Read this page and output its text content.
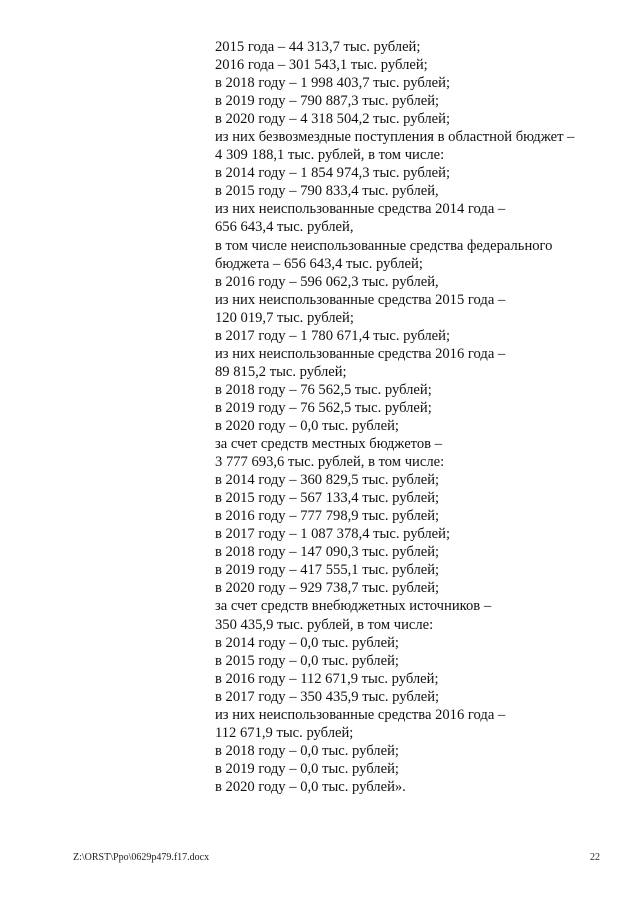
2015 года – 44 313,7 тыс. рублей;

2016 года – 301 543,1 тыс. рублей;

в 2018 году – 1 998 403,7 тыс. рублей;

в 2019 году – 790 887,3 тыс. рублей;

в 2020 году – 4 318 504,2 тыс. рублей;

из них безвозмездные поступления в областной бюджет –

4 309 188,1 тыс. рублей, в том числе:

в 2014 году – 1 854 974,3 тыс. рублей;

в 2015 году – 790 833,4 тыс. рублей,

из них неиспользованные средства 2014 года –

656 643,4 тыс. рублей,

в том числе неиспользованные средства федерального

бюджета – 656 643,4 тыс. рублей;

в 2016 году – 596 062,3 тыс. рублей,

из них неиспользованные средства 2015 года –

120 019,7 тыс. рублей;

в 2017 году – 1 780 671,4 тыс. рублей;

из них неиспользованные средства 2016 года –

89 815,2 тыс. рублей;

в 2018 году – 76 562,5 тыс. рублей;

в 2019 году – 76 562,5 тыс. рублей;

в 2020 году – 0,0 тыс. рублей;

за счет средств местных бюджетов –

3 777 693,6 тыс. рублей, в том числе:

в 2014 году – 360 829,5 тыс. рублей;

в 2015 году – 567 133,4 тыс. рублей;

в 2016 году – 777 798,9 тыс. рублей;

в 2017 году – 1 087 378,4 тыс. рублей;

в 2018 году – 147 090,3 тыс. рублей;

в 2019 году – 417 555,1 тыс. рублей;

в 2020 году – 929 738,7 тыс. рублей;

за счет средств внебюджетных источников –

350 435,9 тыс. рублей, в том числе:

в 2014 году – 0,0 тыс. рублей;

в 2015 году – 0,0 тыс. рублей;

в 2016 году – 112 671,9 тыс. рублей;

в 2017 году – 350 435,9 тыс. рублей;

из них неиспользованные средства 2016 года –

112 671,9 тыс. рублей;

в 2018 году – 0,0 тыс. рублей;

в 2019 году – 0,0 тыс. рублей;

в 2020 году – 0,0 тыс. рублей».

Z:\ORST\Ppo\0629p479.f17.docx	22
